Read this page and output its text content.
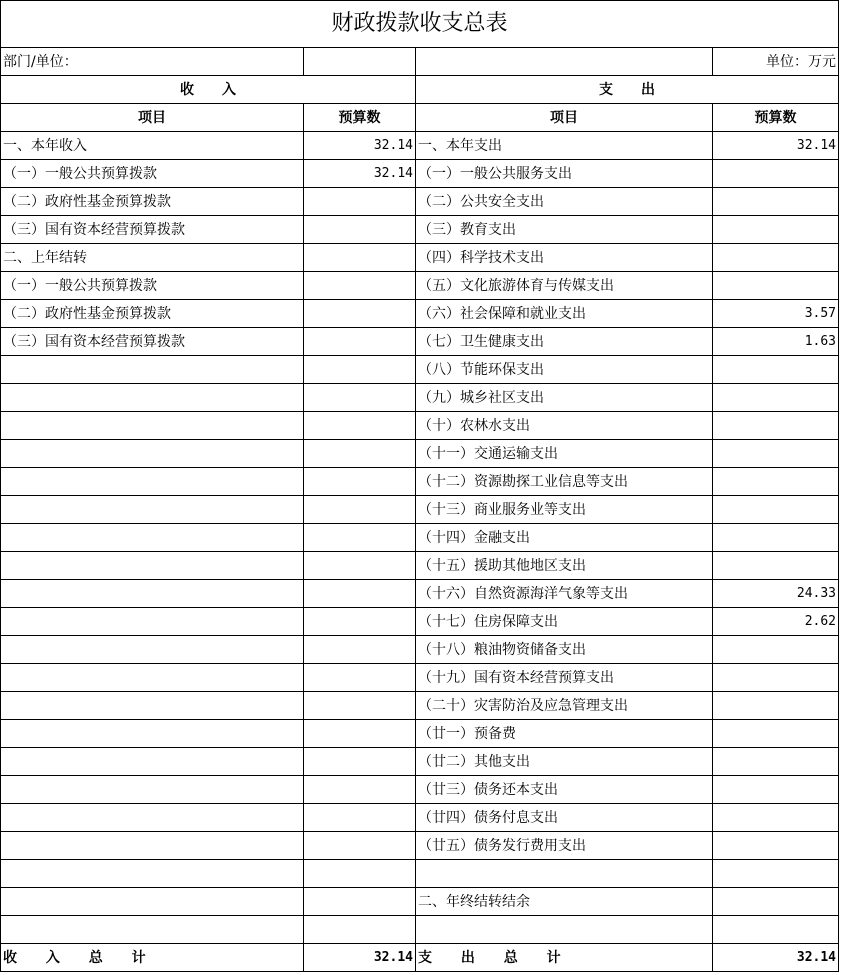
财政拨款收支总表			
部门/单位：			单位：万元
收　　入		支　　出	
项目	预算数	项目	预算数
一、本年收入	32.14	一、本年支出	32.14
（一）一般公共预算拨款	32.14	（一）一般公共服务支出	
（二）政府性基金预算拨款		（二）公共安全支出	
（三）国有资本经营预算拨款		（三）教育支出	
二、上年结转		（四）科学技术支出	
（一）一般公共预算拨款		（五）文化旅游体育与传媒支出	
（二）政府性基金预算拨款		（六）社会保障和就业支出	3.57
（三）国有资本经营预算拨款		（七）卫生健康支出	1.63
		（八）节能环保支出	
		（九）城乡社区支出	
		（十）农林水支出	
		（十一）交通运输支出	
		（十二）资源勘探工业信息等支出	
		（十三）商业服务业等支出	
		（十四）金融支出	
		（十五）援助其他地区支出	
		（十六）自然资源海洋气象等支出	24.33
		（十七）住房保障支出	2.62
		（十八）粮油物资储备支出	
		（十九）国有资本经营预算支出	
		（二十）灾害防治及应急管理支出	
		（廿一）预备费	
		（廿二）其他支出	
		（廿三）债务还本支出	
		（廿四）债务付息支出	
		（廿五）债务发行费用支出	

		二、年终结转结余	

收 入 总 计	32.14	支 出 总 计	32.14
